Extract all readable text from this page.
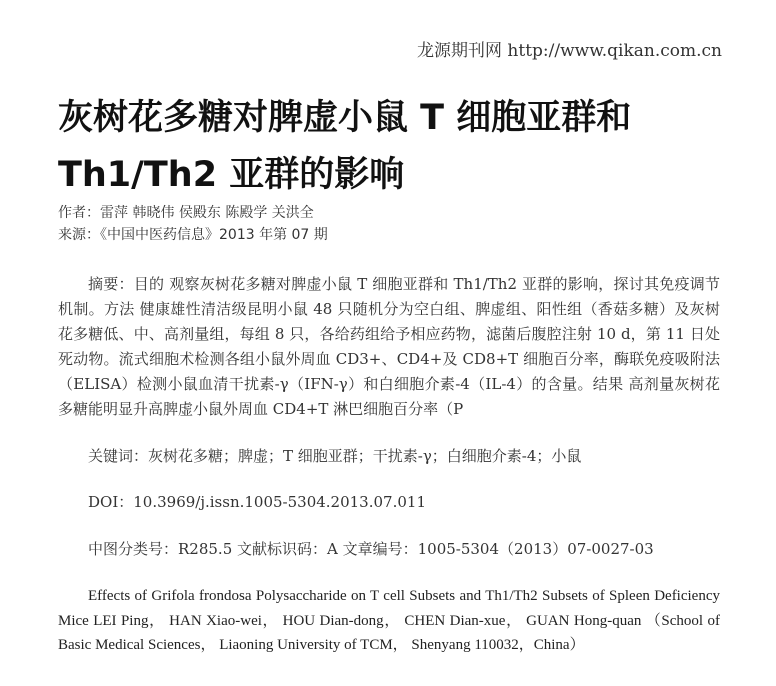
龙源期刊网 http://www.qikan.com.cn
灰树花多糖对脾虚小鼠 T 细胞亚群和
Th1/Th2 亚群的影响
作者：雷萍 韩晓伟 侯殿东 陈殿学 关洪全
来源：《中国中医药信息》2013 年第 07 期
摘要：目的 观察灰树花多糖对脾虚小鼠 T 细胞亚群和 Th1/Th2 亚群的影响，探讨其免疫调节机制。方法 健康雄性清洁级昆明小鼠 48 只随机分为空白组、脾虚组、阳性组（香菇多糖）及灰树花多糖低、中、高剂量组，每组 8 只，各给药组给予相应药物，滤菌后腹腔注射 10 d，第 11 日处死动物。流式细胞术检测各组小鼠外周血 CD3+、CD4+及 CD8+T 细胞百分率，酶联免疫吸附法（ELISA）检测小鼠血清干扰素-γ（IFN-γ）和白细胞介素-4（IL-4）的含量。结果 高剂量灰树花多糖能明显升高脾虚小鼠外周血 CD4+T 淋巴细胞百分率（P
关键词：灰树花多糖；脾虚；T 细胞亚群；干扰素-γ；白细胞介素-4；小鼠
DOI：10.3969/j.issn.1005-5304.2013.07.011
中图分类号：R285.5 文献标识码：A 文章编号：1005-5304（2013）07-0027-03
Effects of Grifola frondosa Polysaccharide on T cell Subsets and Th1/Th2 Subsets of Spleen Deficiency Mice LEI Ping， HAN Xiao-wei， HOU Dian-dong， CHEN Dian-xue， GUAN Hong-quan （School of Basic Medical Sciences， Liaoning University of TCM， Shenyang 110032，China）
